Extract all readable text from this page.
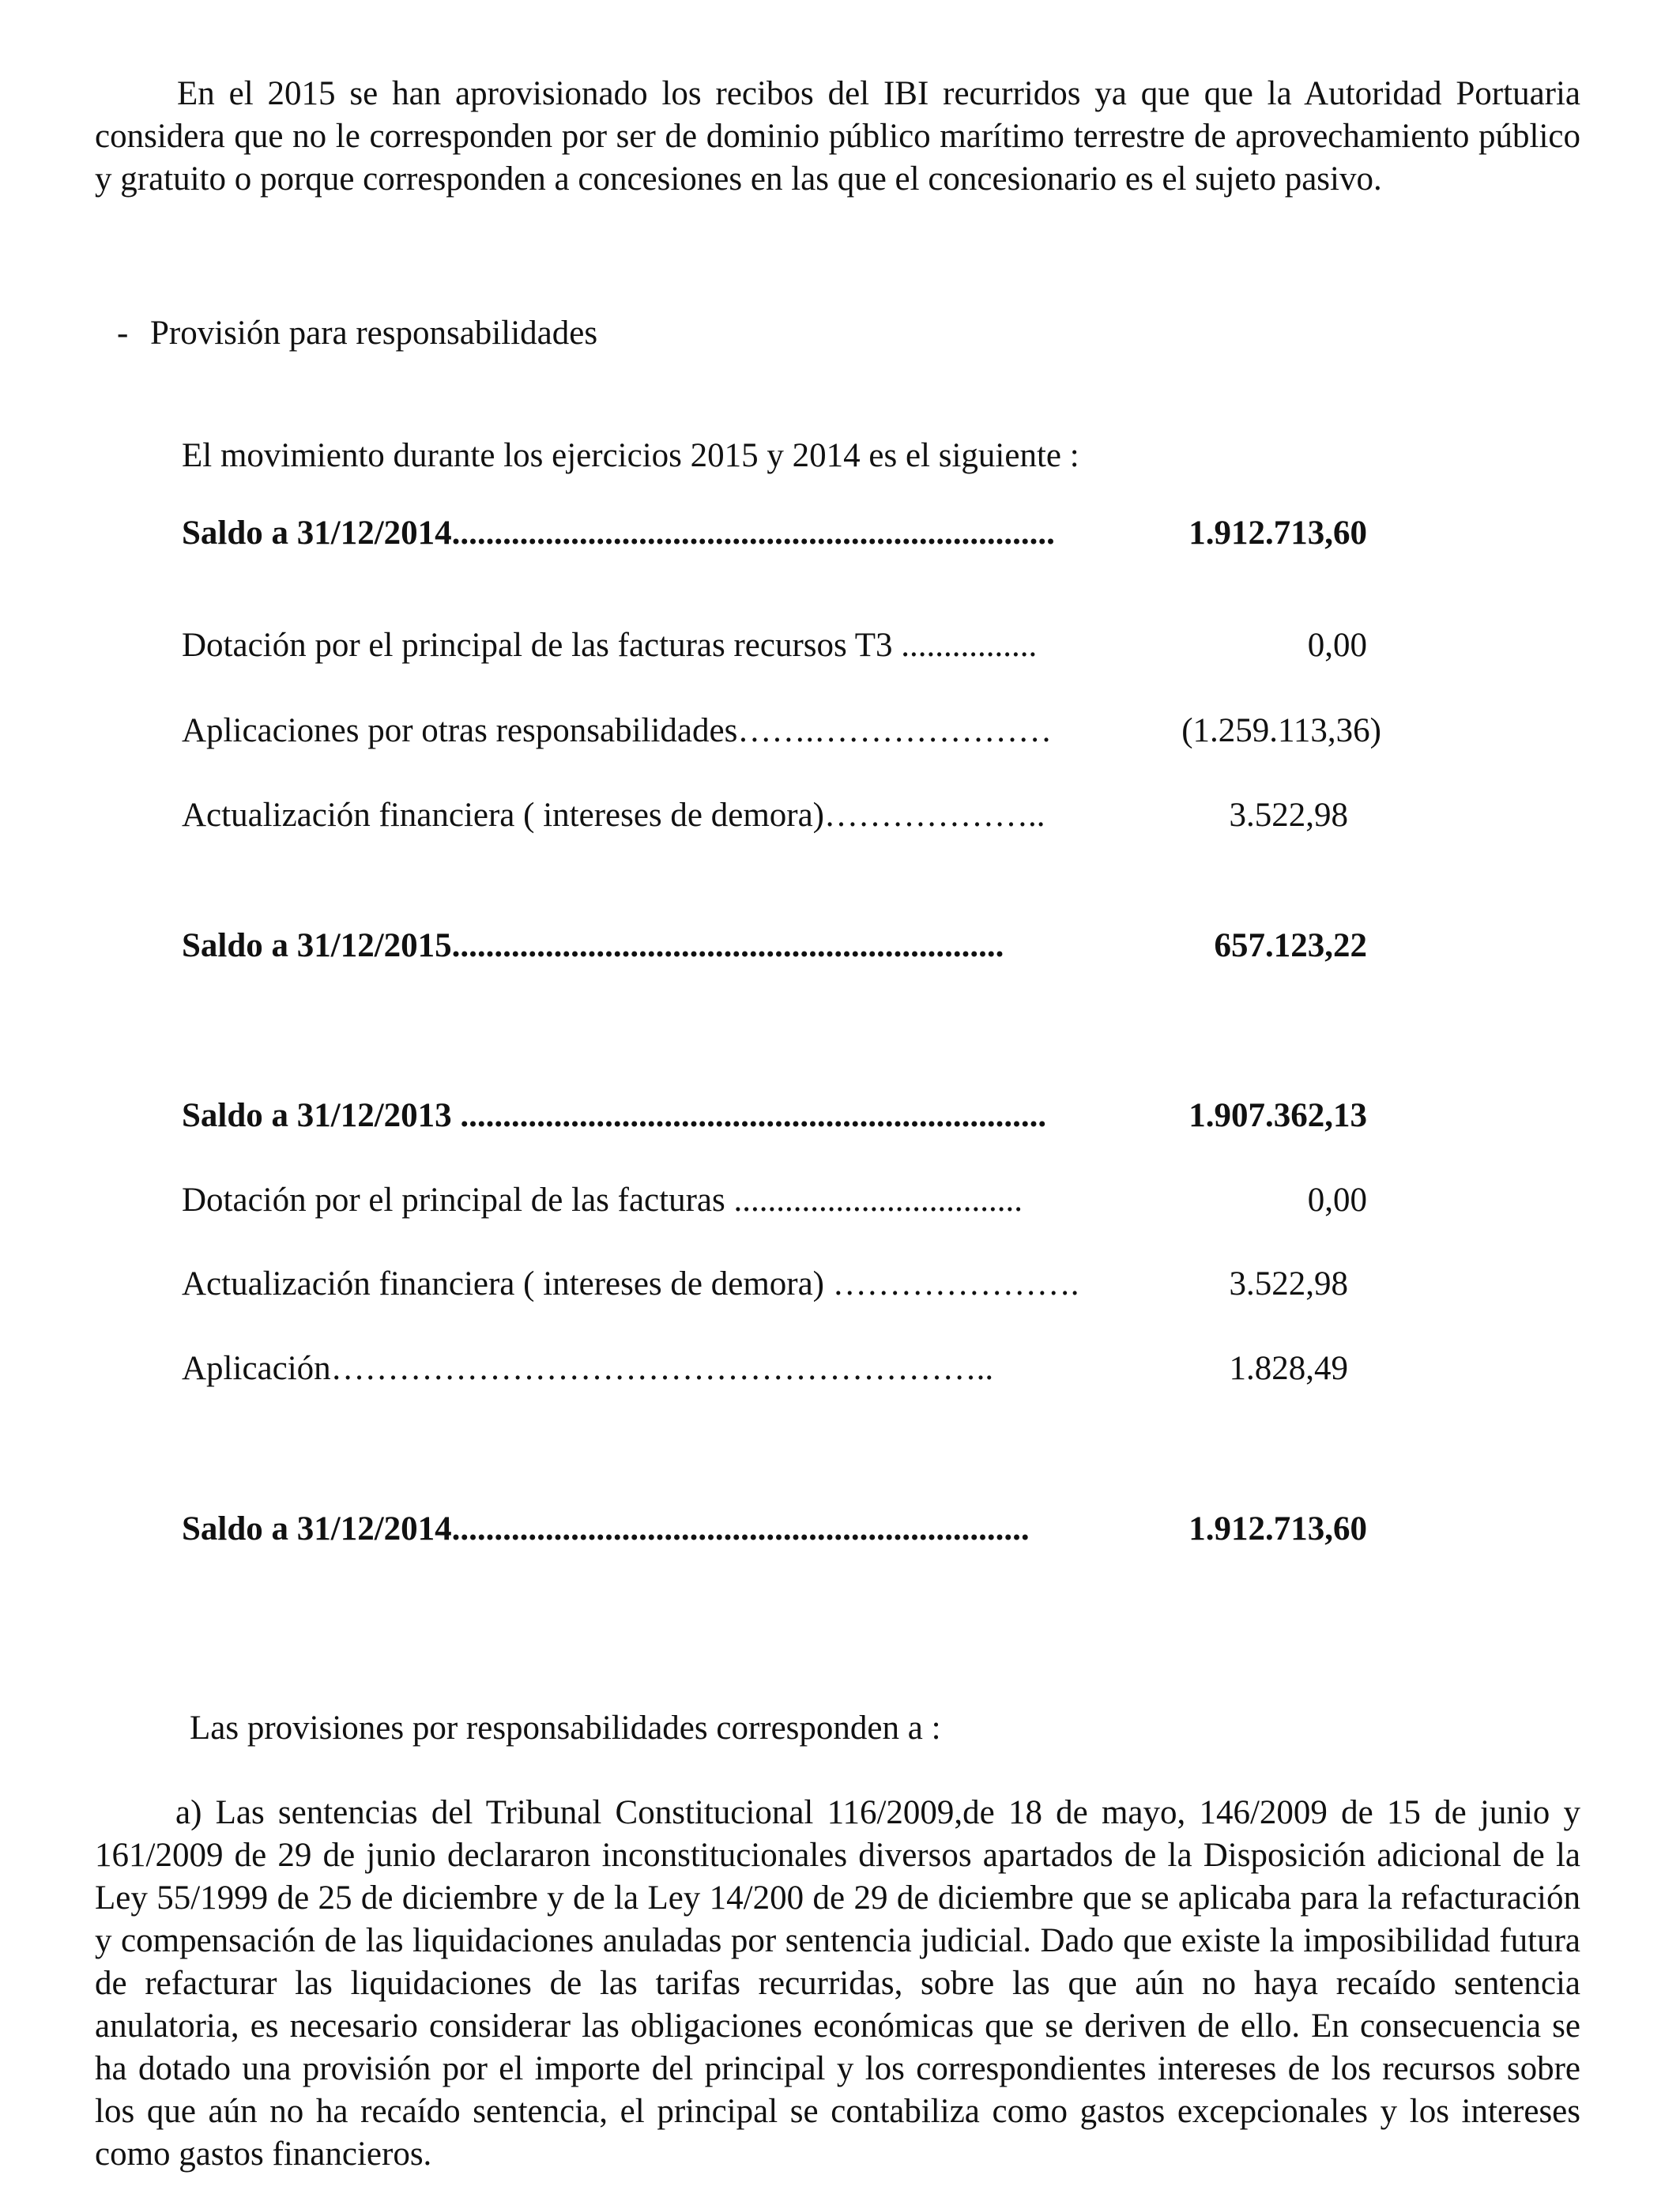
En el 2015 se han aprovisionado los recibos del IBI recurridos ya que que la Autoridad Portuaria considera que no le corresponden por ser de dominio público marítimo terrestre de aprovechamiento público y gratuito o porque corresponden a concesiones en las que el concesionario es el sujeto pasivo.

- Provisión para responsabilidades
El movimiento durante los ejercicios 2015 y 2014 es el siguiente :
Saldo a 31/12/2014.......................................................................	1.912.713,60
Dotación por el principal de las facturas recursos T3 ................	0,00
Aplicaciones por otras responsabilidades…….…………………	(1.259.113,36)
Actualización financiera ( intereses de demora)………………..	3.522,98
Saldo a 31/12/2015.................................................................	657.123,22
Saldo a 31/12/2013 .....................................................................	1.907.362,13
Dotación por el principal de las facturas ..................................	0,00
Actualización financiera ( intereses de demora) ………………….	3.522,98
Aplicación…………………………………………………..	1.828,49
Saldo a 31/12/2014....................................................................	1.912.713,60
Las provisiones por responsabilidades corresponden a :

a) Las sentencias del Tribunal Constitucional 116/2009,de 18 de mayo, 146/2009 de 15 de junio y 161/2009 de 29 de junio declararon inconstitucionales diversos apartados de la Disposición adicional de la Ley 55/1999 de 25 de diciembre y de la Ley 14/200 de 29 de diciembre que se aplicaba para la refacturación y compensación de las liquidaciones anuladas por sentencia judicial. Dado que existe la imposibilidad futura de refacturar las liquidaciones de las tarifas recurridas, sobre las que aún no haya recaído sentencia anulatoria, es necesario considerar las obligaciones económicas que se deriven de ello. En consecuencia se ha dotado una provisión por el importe del principal y los correspondientes intereses de los recursos sobre los que aún no ha recaído sentencia, el principal se contabiliza como gastos excepcionales y los intereses como gastos financieros.
